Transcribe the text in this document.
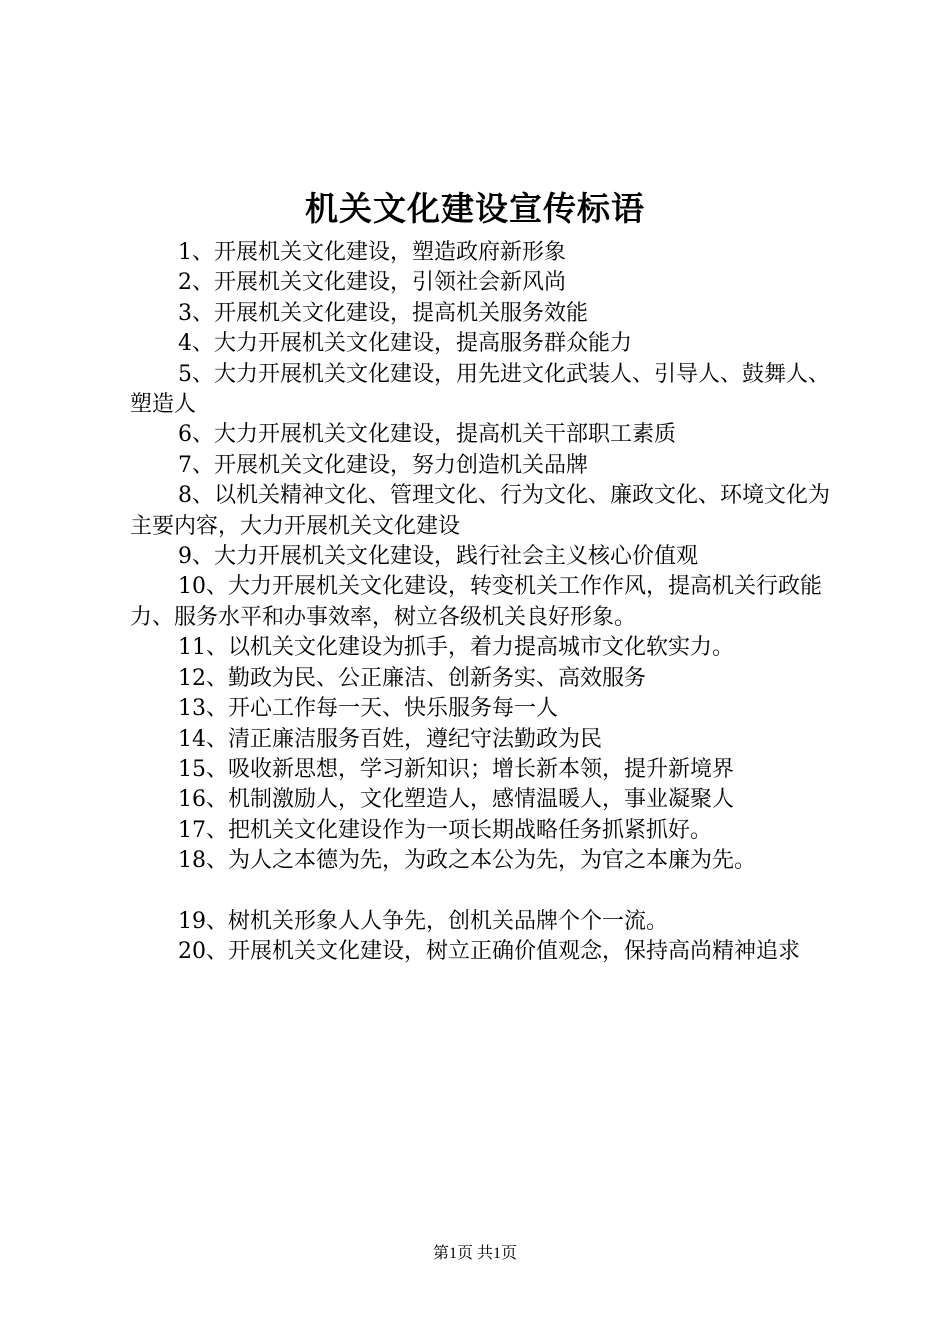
机关文化建设宣传标语

1、开展机关文化建设，塑造政府新形象

2、开展机关文化建设，引领社会新风尚

3、开展机关文化建设，提高机关服务效能

4、大力开展机关文化建设，提高服务群众能力

5、大力开展机关文化建设，用先进文化武装人、引导人、鼓舞人、塑造人

6、大力开展机关文化建设，提高机关干部职工素质

7、开展机关文化建设，努力创造机关品牌

8、以机关精神文化、管理文化、行为文化、廉政文化、环境文化为主要内容，大力开展机关文化建设

9、大力开展机关文化建设，践行社会主义核心价值观

10、大力开展机关文化建设，转变机关工作作风，提高机关行政能力、服务水平和办事效率，树立各级机关良好形象。

11、以机关文化建设为抓手，着力提高城市文化软实力。

12、勤政为民、公正廉洁、创新务实、高效服务

13、开心工作每一天、快乐服务每一人

14、清正廉洁服务百姓，遵纪守法勤政为民

15、吸收新思想，学习新知识；增长新本领，提升新境界

16、机制激励人，文化塑造人，感情温暖人，事业凝聚人

17、把机关文化建设作为一项长期战略任务抓紧抓好。

18、为人之本德为先，为政之本公为先，为官之本廉为先。

19、树机关形象人人争先，创机关品牌个个一流。

20、开展机关文化建设，树立正确价值观念，保持高尚精神追求

第1页 共1页
